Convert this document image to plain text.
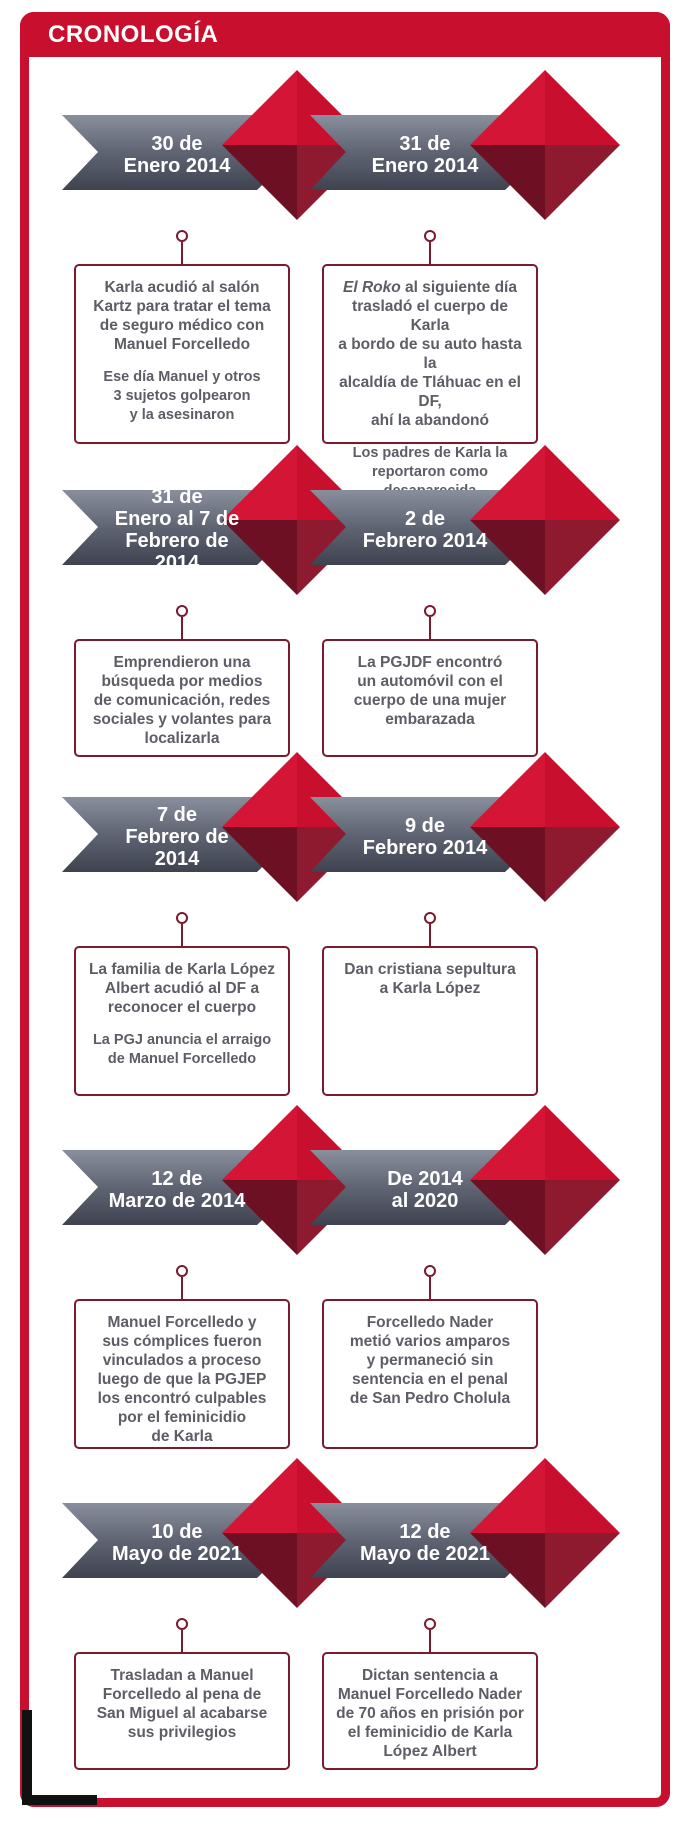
CRONOLOGÍA
30 de
Enero 2014

Karla acudió al salón
Kartz para tratar el tema
de seguro médico con
Manuel Forcelledo

Ese día Manuel y otros
3 sujetos golpearon
y la asesinaron

31 de
Enero 2014

El Roko al siguiente día
trasladó el cuerpo de Karla
a bordo de su auto hasta la
alcaldía de Tláhuac en el DF,
ahí la abandonó

Los padres de Karla la
reportaron como

31 de
Enero al 7 de
Febrero de 2014

Emprendieron una
búsqueda por medios
de comunicación, redes
sociales y volantes para
localizarla

2 de
Febrero 2014

La PGJDF encontró
un automóvil con el
cuerpo de una mujer
embarazada

7 de
Febrero de 2014

La familia de Karla López
Albert acudió al DF a
reconocer el cuerpo

La PGJ anuncia el arraigo
de Manuel Forcelledo

9 de
Febrero 2014

Dan cristiana sepultura
a Karla López

12 de
Marzo de 2014

Manuel Forcelledo y
sus cómplices fueron
vinculados a proceso
luego de que la PGJEP
los encontró culpables
por el feminicidio
de Karla

De 2014
al 2020

Forcelledo Nader
metió varios amparos
y permaneció sin
sentencia en el penal
de San Pedro Cholula

10 de
Mayo de 2021

Trasladan a Manuel
Forcelledo al pena de
San Miguel al acabarse
sus privilegios

12 de
Mayo de 2021

Dictan sentencia a
Manuel Forcelledo Nader
de 70 años en prisión por
el feminicidio de Karla
López Albert
